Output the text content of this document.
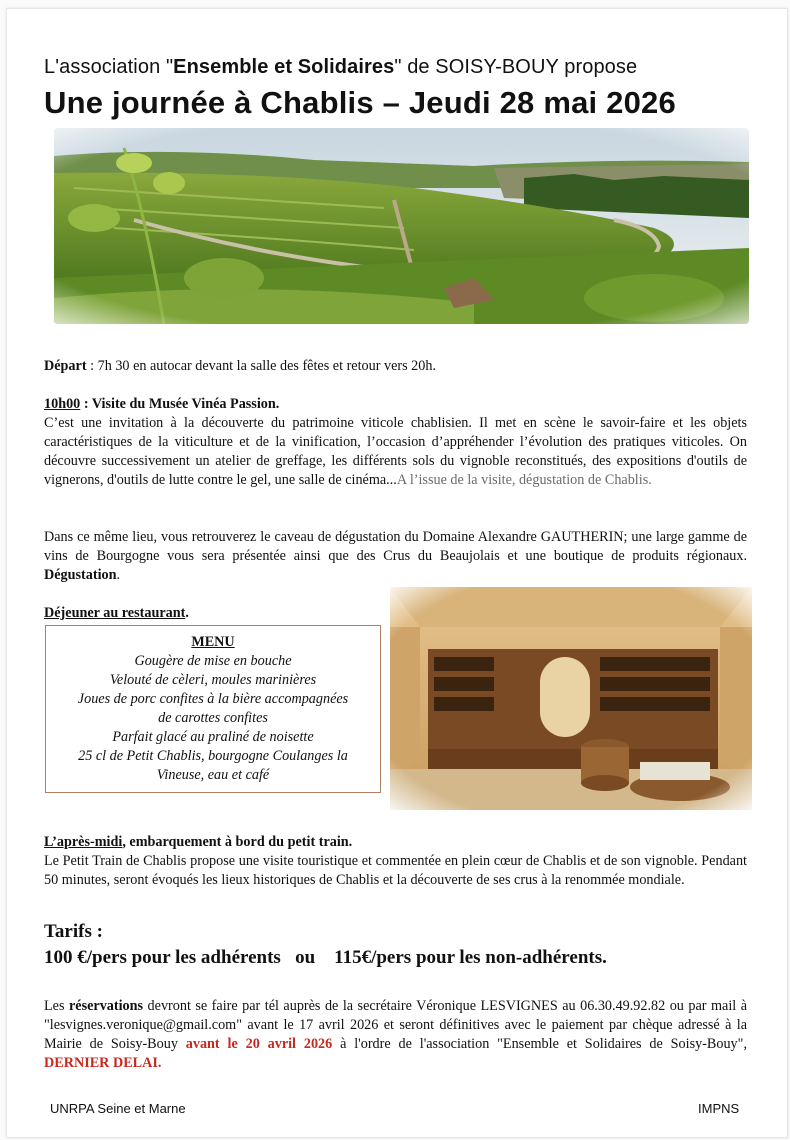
L'association "Ensemble et Solidaires" de SOISY-BOUY propose
Une journée à Chablis – Jeudi 28 mai 2026
Départ : 7h 30 en autocar devant la salle des fêtes et retour vers 20h.
10h00 : Visite du Musée Vinéa Passion.
C’est une invitation à la découverte du patrimoine viticole chablisien. Il met en scène le savoir-faire et les objets caractéristiques de la viticulture et de la vinification, l’occasion d’appréhender l’évolution des pratiques viticoles. On découvre successivement un atelier de greffage, les différents sols du vignoble reconstitués, des expositions d'outils de vignerons, d'outils de lutte contre le gel, une salle de cinéma...A l’issue de la visite, dégustation de Chablis.
Dans ce même lieu, vous retrouverez le caveau de dégustation du Domaine Alexandre GAUTHERIN; une large gamme de vins de Bourgogne vous sera présentée ainsi que des Crus du Beaujolais et une boutique de produits régionaux. Dégustation.
Déjeuner au restaurant.
MENU
Gougère de mise en bouche
Velouté de cèleri, moules marinières
Joues de porc confites à la bière accompagnées
de carottes confites
Parfait glacé au praliné de noisette
25 cl de Petit Chablis, bourgogne Coulanges la
Vineuse, eau et café
L’après-midi, embarquement à bord du petit train.
Le Petit Train de Chablis propose une visite touristique et commentée en plein cœur de Chablis et de son vignoble. Pendant 50 minutes, seront évoqués les lieux historiques de Chablis et la découverte de ses crus à la renommée mondiale.
Tarifs :
100 €/pers pour les adhérents   ou    115€/pers pour les non-adhérents.
Les réservations devront se faire par tél auprès de la secrétaire Véronique LESVIGNES au 06.30.49.92.82 ou par mail à "lesvignes.veronique@gmail.com" avant le 17 avril 2026 et seront définitives avec le paiement par chèque adressé à la Mairie de Soisy-Bouy avant le 20 avril 2026 à l'ordre de l'association "Ensemble et Solidaires de Soisy-Bouy", DERNIER DELAI.
UNRPA Seine et Marne	IMPNS
